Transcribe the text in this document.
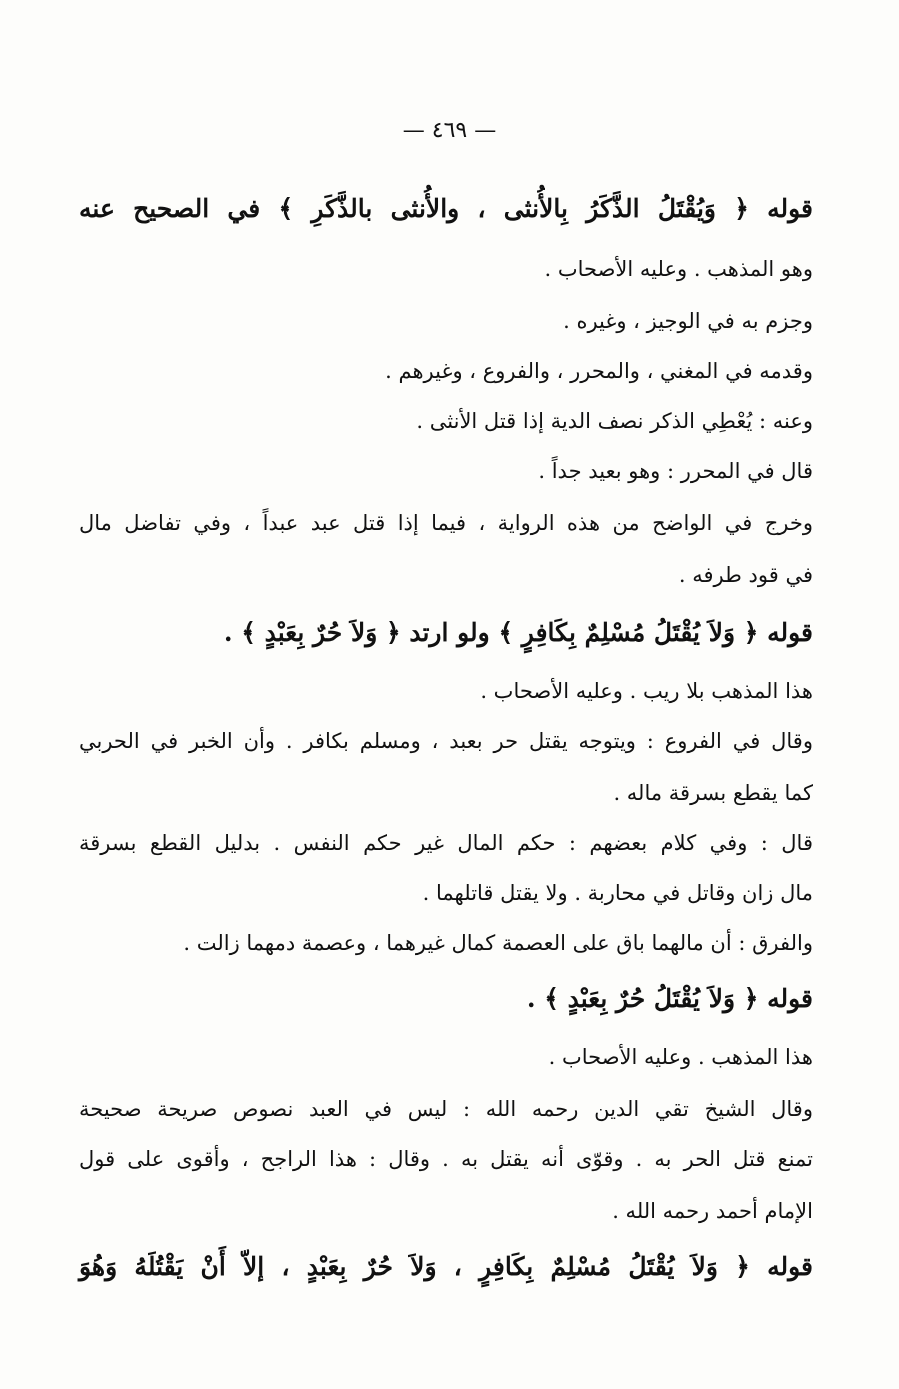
— ٤٦٩ —
قوله ﴿ وَيُقْتَلُ الذَّكَرُ بِالأُنثى ، والأُنثى بالذَّكَرِ ﴾ في الصحيح عنه
وهو المذهب . وعليه الأصحاب .
وجزم به في الوجيز ، وغيره .
وقدمه في المغني ، والمحرر ، والفروع ، وغيرهم .
وعنه : يُعْطِي الذكر نصف الدية إذا قتل الأنثى .
قال في المحرر : وهو بعيد جداً .
وخرج في الواضح من هذه الرواية ، فيما إذا قتل عبد عبداً ، وفي تفاضل مال
في قود طرفه .
قوله ﴿ وَلاَ يُقْتَلُ مُسْلِمٌ بِكَافِرٍ ﴾ ولو ارتد ﴿ وَلاَ حُرٌ بِعَبْدٍ ﴾ .
هذا المذهب بلا ريب . وعليه الأصحاب .
وقال في الفروع : ويتوجه يقتل حر بعبد ، ومسلم بكافر . وأن الخبر في الحربي
كما يقطع بسرقة ماله .
قال : وفي كلام بعضهم : حكم المال غير حكم النفس . بدليل القطع بسرقة
مال زان وقاتل في محاربة . ولا يقتل قاتلهما .
والفرق : أن مالهما باق على العصمة كمال غيرهما ، وعصمة دمهما زالت .
قوله ﴿ وَلاَ يُقْتَلُ حُرٌ بِعَبْدٍ ﴾ .
هذا المذهب . وعليه الأصحاب .
وقال الشيخ تقي الدين رحمه الله : ليس في العبد نصوص صريحة صحيحة
تمنع قتل الحر به . وقوّى أنه يقتل به . وقال : هذا الراجح ، وأقوى على قول
الإمام أحمد رحمه الله .
قوله ﴿ وَلاَ يُقْتَلُ مُسْلِمٌ بِكَافِرٍ ، وَلاَ حُرٌ بِعَبْدٍ ، إلاّ أَنْ يَقْتُلَهُ وَهُوَ
